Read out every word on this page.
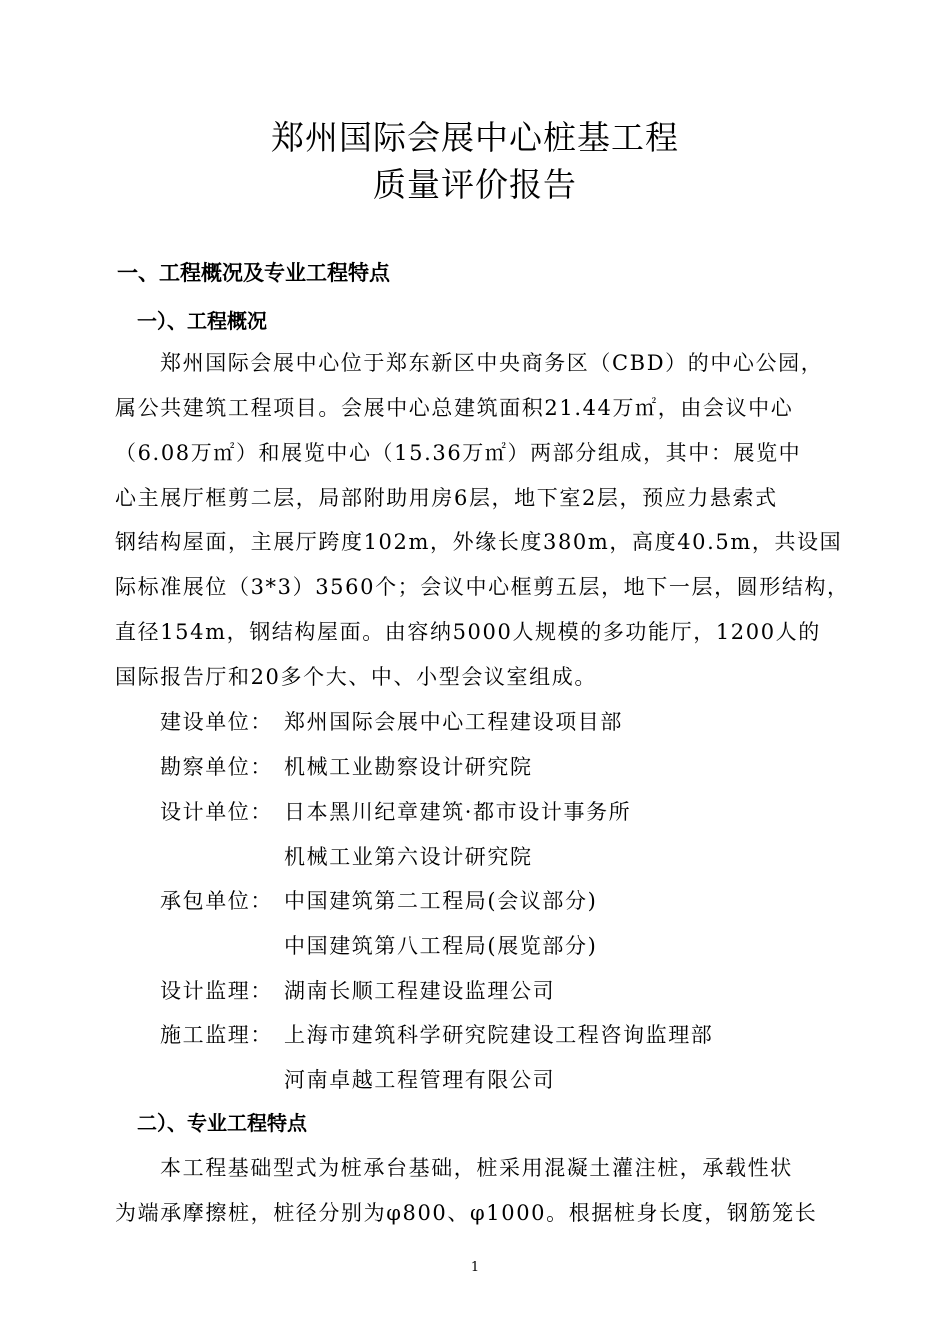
郑州国际会展中心桩基工程
质量评价报告
一、工程概况及专业工程特点
一）、工程概况
郑州国际会展中心位于郑东新区中央商务区（CBD）的中心公园，
属公共建筑工程项目。会展中心总建筑面积21.44万㎡，由会议中心
（6.08万㎡）和展览中心（15.36万㎡）两部分组成，其中：展览中
心主展厅框剪二层，局部附助用房6层，地下室2层，预应力悬索式
钢结构屋面，主展厅跨度102m，外缘长度380m，高度40.5m，共设国
际标准展位（3*3）3560个；会议中心框剪五层，地下一层，圆形结构，
直径154m，钢结构屋面。由容纳5000人规模的多功能厅，1200人的
国际报告厅和20多个大、中、小型会议室组成。
建设单位： 郑州国际会展中心工程建设项目部
勘察单位： 机械工业勘察设计研究院
设计单位： 日本黑川纪章建筑·都市设计事务所
机械工业第六设计研究院
承包单位： 中国建筑第二工程局(会议部分)
中国建筑第八工程局(展览部分)
设计监理： 湖南长顺工程建设监理公司
施工监理： 上海市建筑科学研究院建设工程咨询监理部
河南卓越工程管理有限公司
二）、专业工程特点
本工程基础型式为桩承台基础，桩采用混凝土灌注桩，承载性状
为端承摩擦桩，桩径分别为φ800、φ1000。根据桩身长度，钢筋笼长
1
